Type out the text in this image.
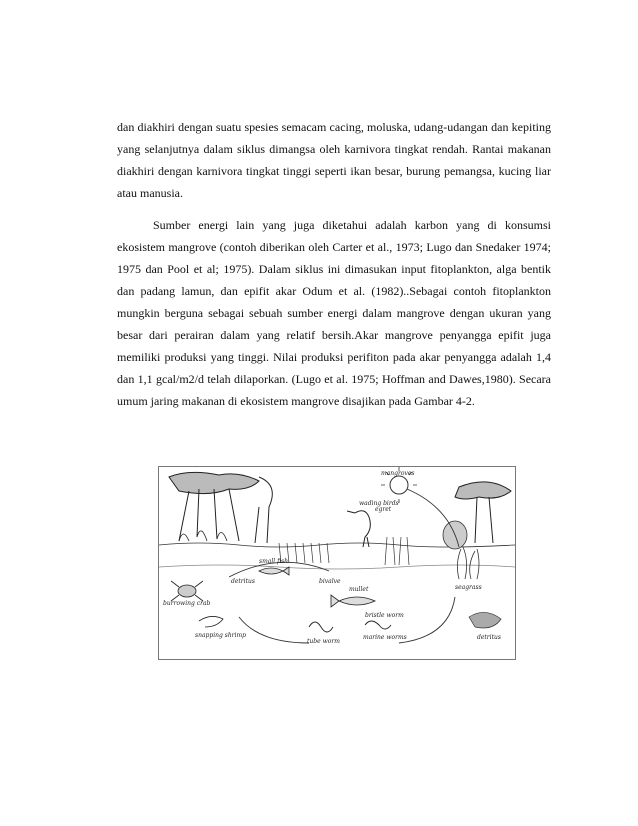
dan diakhiri dengan suatu spesies semacam cacing, moluska, udang-udangan dan kepiting yang selanjutnya dalam siklus dimangsa oleh karnivora tingkat rendah. Rantai makanan diakhiri dengan karnivora tingkat tinggi seperti ikan besar, burung pemangsa, kucing liar atau manusia.

Sumber energi lain yang juga diketahui adalah karbon yang di konsumsi ekosistem mangrove (contoh diberikan oleh Carter et al., 1973; Lugo dan Snedaker 1974; 1975 dan Pool et al; 1975). Dalam siklus ini dimasukan input fitoplankton, alga bentik dan padang lamun, dan epifit akar Odum et al. (1982)..Sebagai contoh fitoplankton mungkin berguna sebagai sebuah sumber energi dalam mangrove dengan ukuran yang besar dari perairan dalam yang relatif bersih.Akar mangrove penyangga epifit juga memiliki produksi yang tinggi. Nilai produksi perifiton pada akar penyangga adalah 1,4 dan 1,1 gcal/m2/d telah dilaporkan. (Lugo et al. 1975; Hoffman and Dawes,1980). Secara umum jaring makanan di ekosistem mangrove disajikan pada Gambar 4-2.

mangroves
wading birds
egret
small fish
detritus
burrowing crab
snapping shrimp
tube worm
mullet
bivalve
bristle worm
marine worms
seagrass
detritus
